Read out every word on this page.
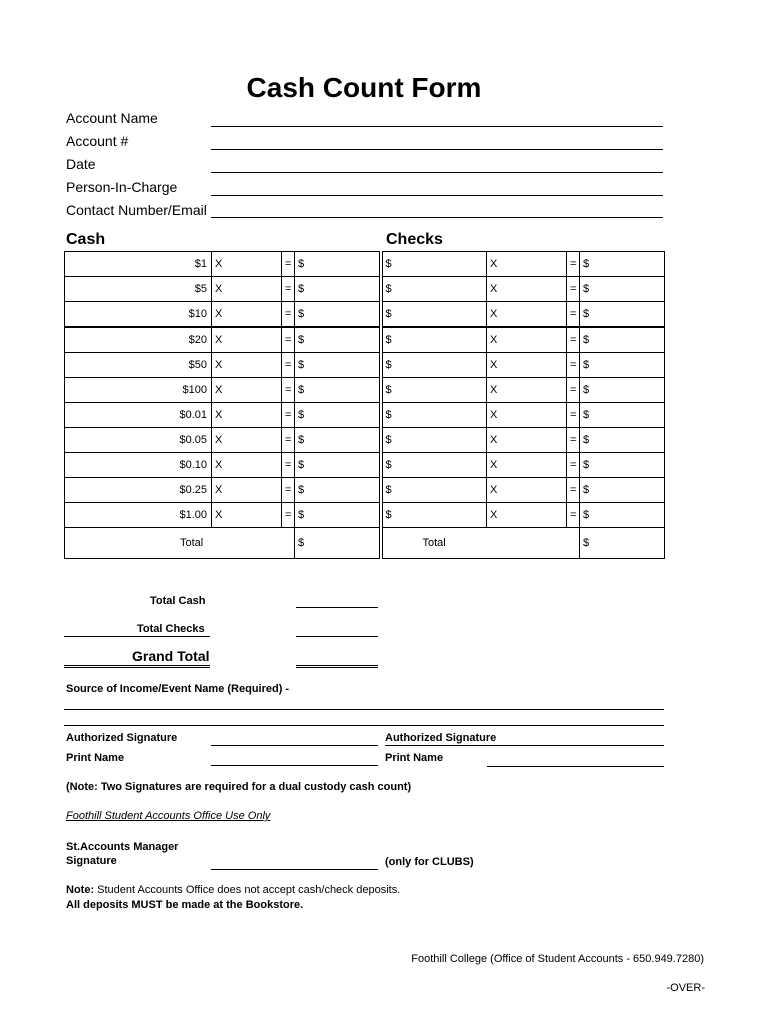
Cash Count Form
Account Name
Account #
Date
Person-In-Charge
Contact Number/Email
Cash	Checks
$1	X	=	$	$	X	=	$
$5	X	=	$	$	X	=	$
$10	X	=	$	$	X	=	$
$20	X	=	$	$	X	=	$
$50	X	=	$	$	X	=	$
$100	X	=	$	$	X	=	$
$0.01	X	=	$	$	X	=	$
$0.05	X	=	$	$	X	=	$
$0.10	X	=	$	$	X	=	$
$0.25	X	=	$	$	X	=	$
$1.00	X	=	$	$	X	=	$
Total			$	Total			$
Total Cash
Total Checks
Grand Total
Source of Income/Event Name (Required) -
Authorized Signature
Print Name
Authorized Signature
Print Name
(Note: Two Signatures are required for a dual custody cash count)
Foothill Student Accounts Office Use Only
St.Accounts Manager
Signature	(only for CLUBS)
Note: Student Accounts Office does not accept cash/check deposits.
All deposits MUST be made at the Bookstore.
Foothill College (Office of Student Accounts - 650.949.7280)
-OVER-
